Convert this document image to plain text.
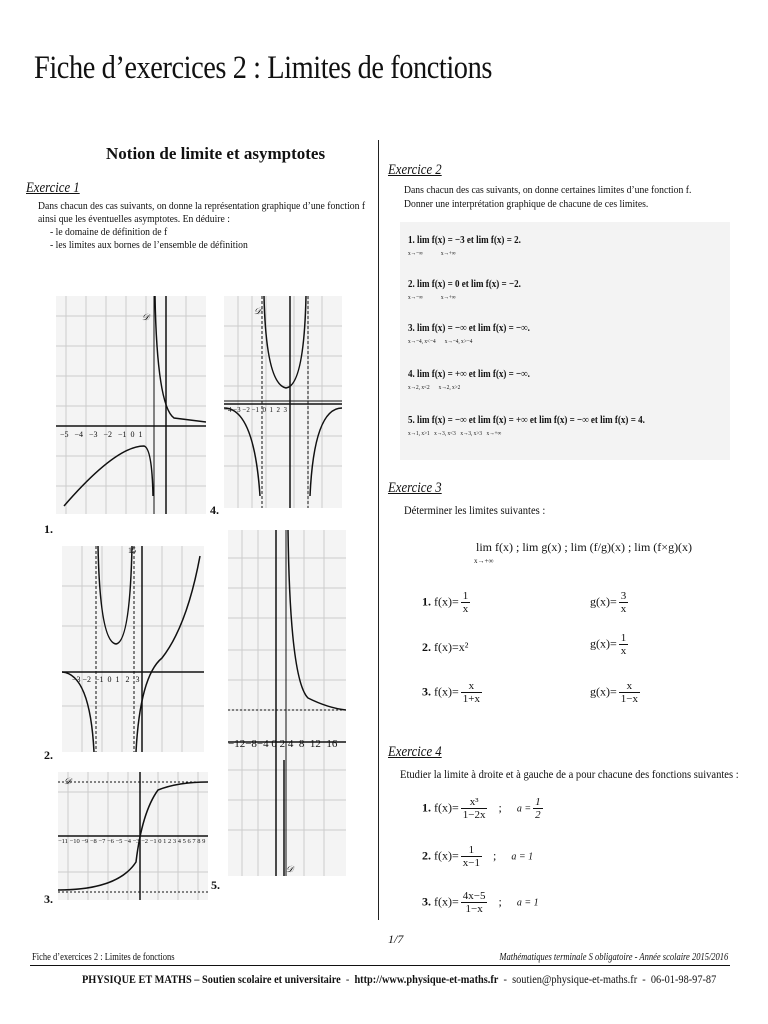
Fiche d’exercices 2 : Limites de fonctions
Notion de limite et asymptotes
Exercice 1
Dans chacun des cas suivants, on donne la représentation graphique d’une fonction f
ainsi que les éventuelles asymptotes. En déduire :
- le domaine de définition de f
- les limites aux bornes de l’ensemble de définition
−5   −4   −3   −2   −1  0  1
𝒟
1.
−4 −3 −2 −1  0  1  2  3
𝒟
4.
−3 −2  −1  0  1   2   3
15
2.
−12−8−4 0 2 4  8  12  16
𝒟
5.
−11 −10 −9 −8 −7 −6 −5 −4 −3 −2 −1 0 1 2 3 4 5 6 7 8 9
𝒟
3.
Exercice 2
Dans chacun des cas suivants, on donne certaines limites d’une fonction f.
Donner une interprétation graphique de chacune de ces limites.
1. lim f(x) = −3 et lim f(x) = 2.
x→−∞	x→+∞
2. lim f(x) = 0 et lim f(x) = −2.
x→−∞	x→+∞
3. lim f(x) = −∞ et lim f(x) = −∞.
x→−4, x<−4 x→−4, x>−4
4. lim f(x) = +∞ et lim f(x) = −∞.
x→2, x<2 x→2, x>2
5. lim f(x) = −∞ et lim f(x) = +∞ et lim f(x) = −∞ et lim f(x) = 4.
x→1, x>1 x→3, x<3 x→3, x>3 x→+∞
Exercice 3
Déterminer les limites suivantes :
lim f(x) ; lim g(x) ; lim (f/g)(x) ; lim (f×g)(x)
x→+∞
1. $f(x)= \frac{1}{x}$	$g(x)= \frac{3}{x}$
2. f(x)=x²	$g(x)= \frac{1}{x}$
3. $f(x)= \frac{x}{1+x}$	$g(x)= \frac{x}{1-x}$
Exercice 4
Etudier la limite à droite et à gauche de a pour chacune des fonctions suivantes :
1. $f(x)= \frac{\text{x³}}{1-2x}$ ;     $a = \frac{1}{2}$
2. $f(x)= \frac{1}{x-1}$ ;     a = 1
3. $f(x)= \frac{4x-5}{1-x}$ ;     a = 1
1/7
Fiche d’exercices 2 : Limites de fonctions	Mathématiques terminale S obligatoire - Année scolaire 2015/2016
PHYSIQUE ET MATHS – Soutien scolaire et universitaire - http://www.physique-et-maths.fr - soutien@physique-et-maths.fr - 06-01-98-97-87
